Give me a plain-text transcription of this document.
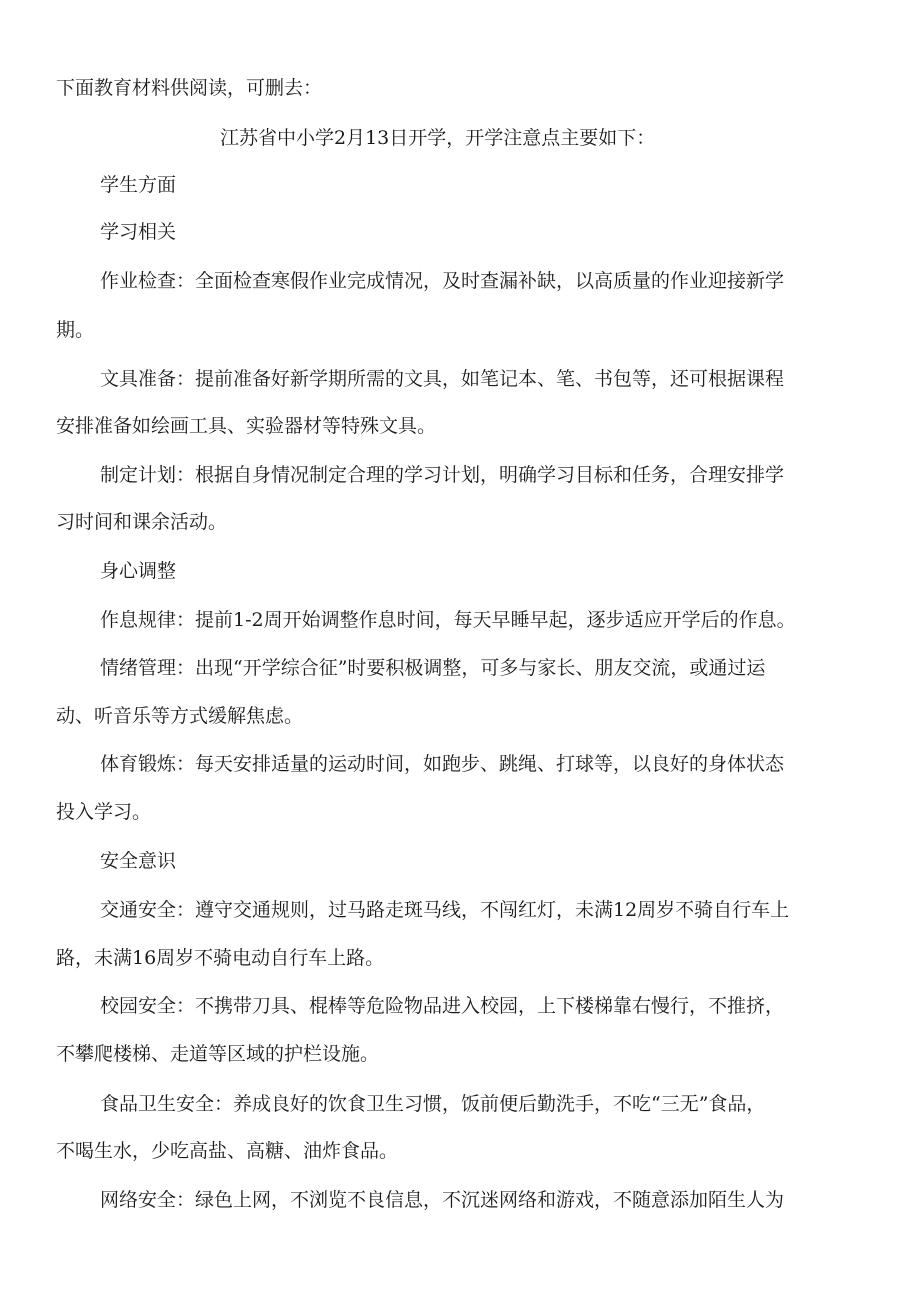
下面教育材料供阅读，可删去：
江苏省中小学2月13日开学，开学注意点主要如下：
学生方面
学习相关
作业检查：全面检查寒假作业完成情况，及时查漏补缺，以高质量的作业迎接新学
期。
文具准备：提前准备好新学期所需的文具，如笔记本、笔、书包等，还可根据课程
安排准备如绘画工具、实验器材等特殊文具。
制定计划：根据自身情况制定合理的学习计划，明确学习目标和任务，合理安排学
习时间和课余活动。
身心调整
作息规律：提前1-2周开始调整作息时间，每天早睡早起，逐步适应开学后的作息。
情绪管理：出现“开学综合征”时要积极调整，可多与家长、朋友交流，或通过运
动、听音乐等方式缓解焦虑。
体育锻炼：每天安排适量的运动时间，如跑步、跳绳、打球等，以良好的身体状态
投入学习。
安全意识
交通安全：遵守交通规则，过马路走斑马线，不闯红灯，未满12周岁不骑自行车上
路，未满16周岁不骑电动自行车上路。
校园安全：不携带刀具、棍棒等危险物品进入校园，上下楼梯靠右慢行，不推挤，
不攀爬楼梯、走道等区域的护栏设施。
食品卫生安全：养成良好的饮食卫生习惯，饭前便后勤洗手，不吃“三无”食品，
不喝生水，少吃高盐、高糖、油炸食品。
网络安全：绿色上网，不浏览不良信息，不沉迷网络和游戏，不随意添加陌生人为
